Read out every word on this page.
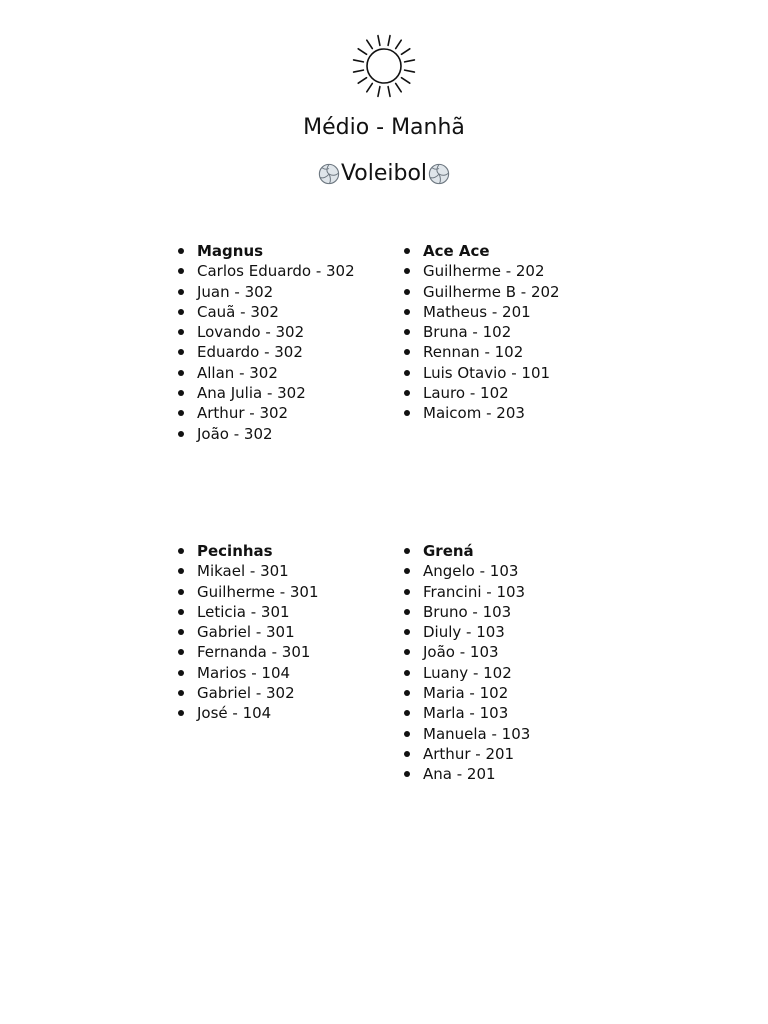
Médio - Manhã
Voleibol
Magnus
Carlos Eduardo - 302
Juan - 302
Cauã - 302
Lovando - 302
Eduardo - 302
Allan - 302
Ana Julia - 302
Arthur - 302
João - 302
Ace Ace
Guilherme - 202
Guilherme B - 202
Matheus - 201
Bruna - 102
Rennan - 102
Luis Otavio - 101
Lauro - 102
Maicom - 203
Pecinhas
Mikael - 301
Guilherme - 301
Leticia - 301
Gabriel - 301
Fernanda - 301
Marios - 104
Gabriel - 302
José - 104
Grená
Angelo - 103
Francini - 103
Bruno - 103
Diuly - 103
João - 103
Luany - 102
Maria - 102
Marla - 103
Manuela - 103
Arthur - 201
Ana - 201
